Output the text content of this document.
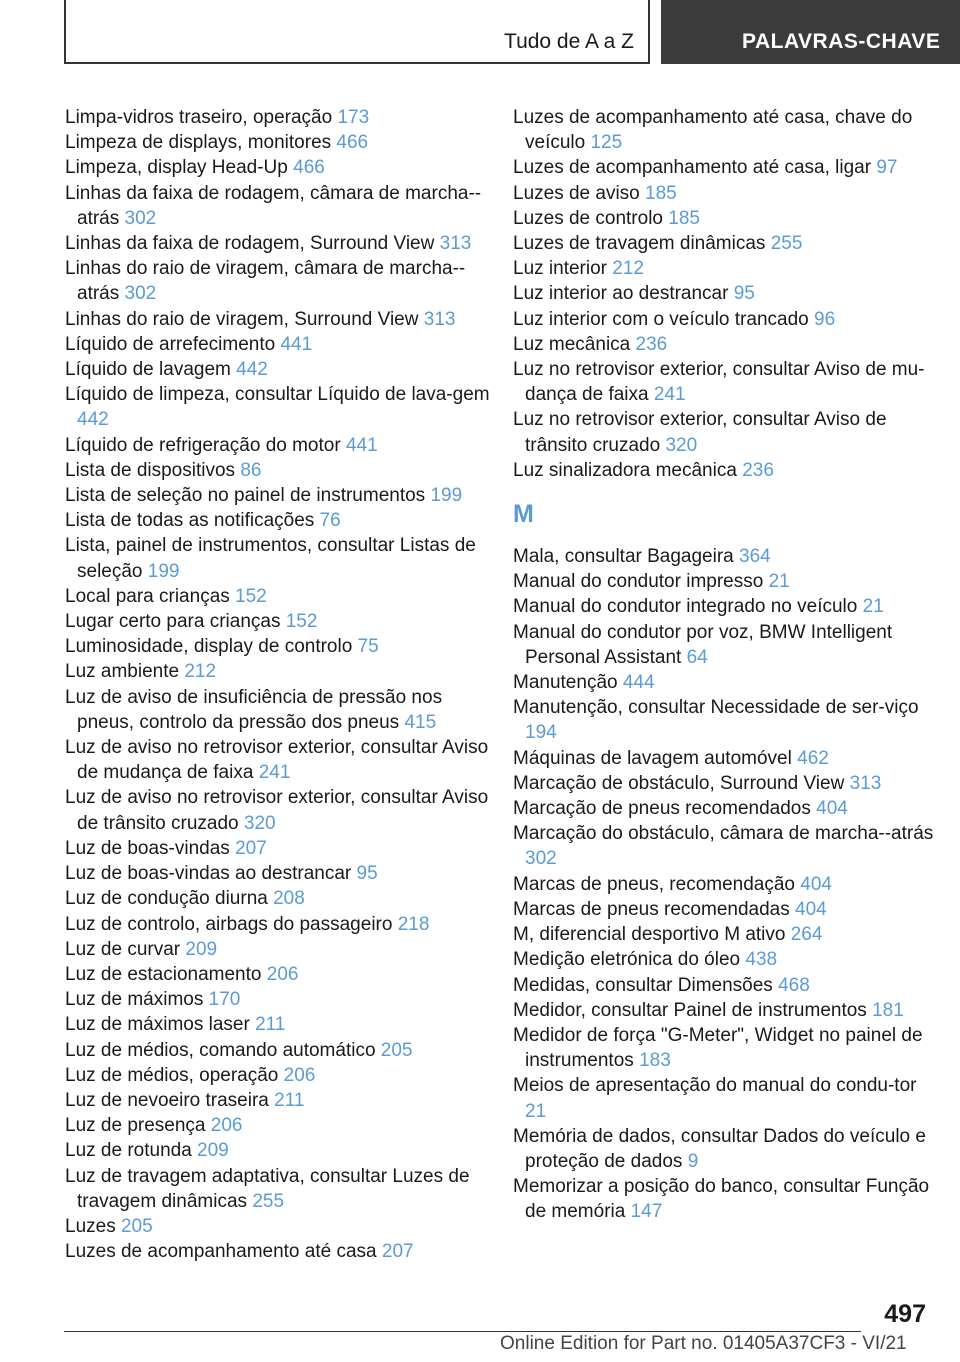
Tudo de A a Z	PALAVRAS-CHAVE
Limpa-vidros traseiro, operação 173
Limpeza de displays, monitores 466
Limpeza, display Head-Up 466
Linhas da faixa de rodagem, câmara de marcha--atrás 302
Linhas da faixa de rodagem, Surround View 313
Linhas do raio de viragem, câmara de marcha--atrás 302
Linhas do raio de viragem, Surround View 313
Líquido de arrefecimento 441
Líquido de lavagem 442
Líquido de limpeza, consultar Líquido de lava-gem 442
Líquido de refrigeração do motor 441
Lista de dispositivos 86
Lista de seleção no painel de instrumentos 199
Lista de todas as notificações 76
Lista, painel de instrumentos, consultar Listas de seleção 199
Local para crianças 152
Lugar certo para crianças 152
Luminosidade, display de controlo 75
Luz ambiente 212
Luz de aviso de insuficiência de pressão nos pneus, controlo da pressão dos pneus 415
Luz de aviso no retrovisor exterior, consultar Aviso de mudança de faixa 241
Luz de aviso no retrovisor exterior, consultar Aviso de trânsito cruzado 320
Luz de boas-vindas 207
Luz de boas-vindas ao destrancar 95
Luz de condução diurna 208
Luz de controlo, airbags do passageiro 218
Luz de curvar 209
Luz de estacionamento 206
Luz de máximos 170
Luz de máximos laser 211
Luz de médios, comando automático 205
Luz de médios, operação 206
Luz de nevoeiro traseira 211
Luz de presença 206
Luz de rotunda 209
Luz de travagem adaptativa, consultar Luzes de travagem dinâmicas 255
Luzes 205
Luzes de acompanhamento até casa 207
Luzes de acompanhamento até casa, chave do veículo 125
Luzes de acompanhamento até casa, ligar 97
Luzes de aviso 185
Luzes de controlo 185
Luzes de travagem dinâmicas 255
Luz interior 212
Luz interior ao destrancar 95
Luz interior com o veículo trancado 96
Luz mecânica 236
Luz no retrovisor exterior, consultar Aviso de mu-dança de faixa 241
Luz no retrovisor exterior, consultar Aviso de trânsito cruzado 320
Luz sinalizadora mecânica 236
M
Mala, consultar Bagageira 364
Manual do condutor impresso 21
Manual do condutor integrado no veículo 21
Manual do condutor por voz, BMW Intelligent Personal Assistant 64
Manutenção 444
Manutenção, consultar Necessidade de ser-viço 194
Máquinas de lavagem automóvel 462
Marcação de obstáculo, Surround View 313
Marcação de pneus recomendados 404
Marcação do obstáculo, câmara de marcha--atrás 302
Marcas de pneus, recomendação 404
Marcas de pneus recomendadas 404
M, diferencial desportivo M ativo 264
Medição eletrónica do óleo 438
Medidas, consultar Dimensões 468
Medidor, consultar Painel de instrumentos 181
Medidor de força "G-Meter", Widget no painel de instrumentos 183
Meios de apresentação do manual do condu-tor 21
Memória de dados, consultar Dados do veículo e proteção de dados 9
Memorizar a posição do banco, consultar Função de memória 147
497
Online Edition for Part no. 01405A37CF3 - VI/21
